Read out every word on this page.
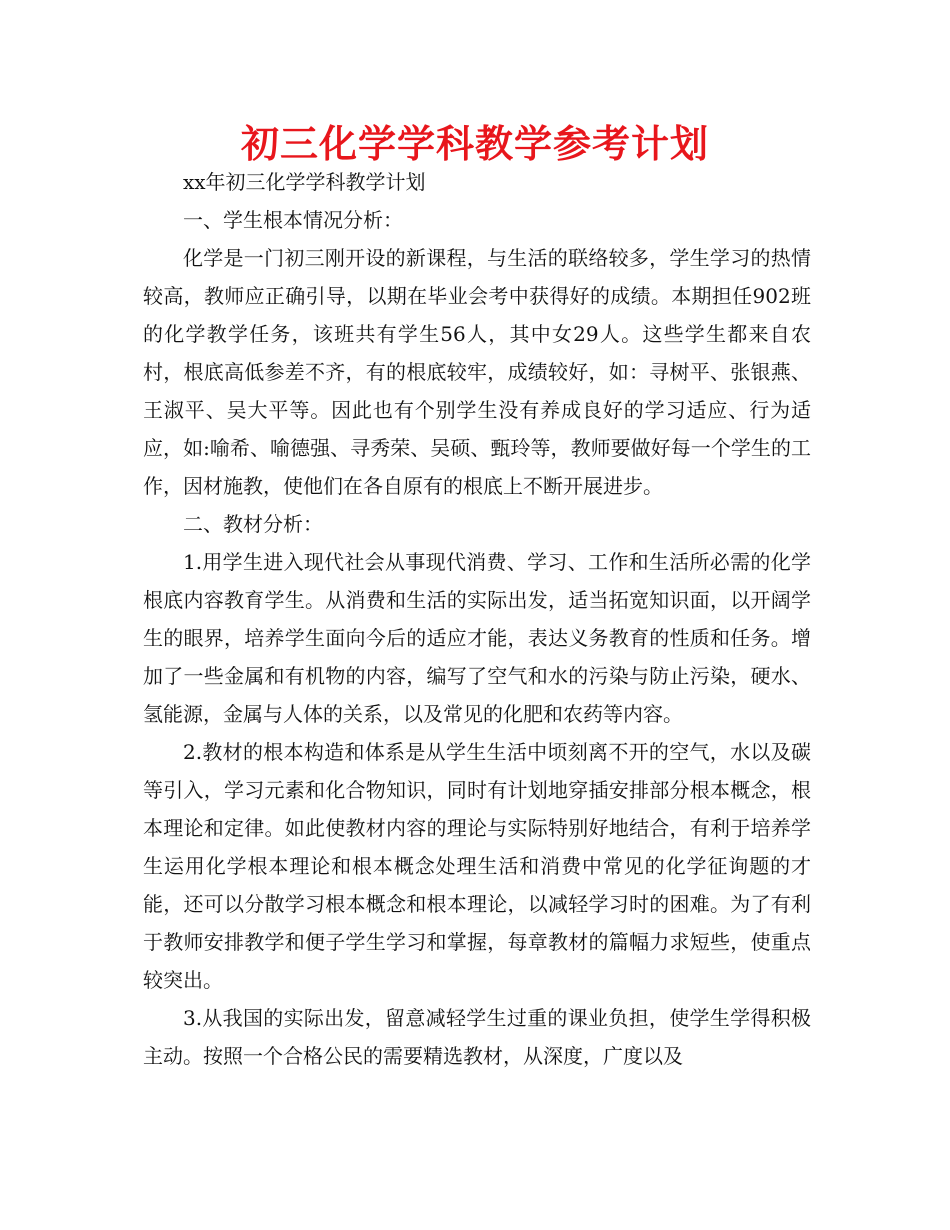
初三化学学科教学参考计划

xx年初三化学学科教学计划

一、学生根本情况分析：

化学是一门初三刚开设的新课程，与生活的联络较多，学生学习的热情较高，教师应正确引导，以期在毕业会考中获得好的成绩。本期担任902班的化学教学任务，该班共有学生56人，其中女29人。这些学生都来自农村，根底高低参差不齐，有的根底较牢，成绩较好，如：寻树平、张银燕、王淑平、吴大平等。因此也有个别学生没有养成良好的学习适应、行为适应，如:喻希、喻德强、寻秀荣、吴硕、甄玲等，教师要做好每一个学生的工作，因材施教，使他们在各自原有的根底上不断开展进步。

二、教材分析：

1.用学生进入现代社会从事现代消费、学习、工作和生活所必需的化学根底内容教育学生。从消费和生活的实际出发，适当拓宽知识面，以开阔学 生的眼界，培养学生面向今后的适应才能，表达义务教育的性质和任务。增加了一些金属和有机物的内容，编写了空气和水的污染与防止污染，硬水、氢能源，金属与人体的关系，以及常见的化肥和农药等内容。

2.教材的根本构造和体系是从学生生活中顷刻离不开的空气，水以及碳等引入，学习元素和化合物知识，同时有计划地穿插安排部分根本概念，根本理论和定律。如此使教材内容的理论与实际特别好地结合，有利于培养学生运用化学根本理论和根本概念处理生活和消费中常见的化学征询题的才能，还可以分散学习根本概念和根本理论，以减轻学习时的困难。为了有利于教师安排教学和便子学生学习和掌握，每章教材的篇幅力求短些，使重点较突出。

3.从我国的实际出发，留意减轻学生过重的课业负担，使学生学得积极主动。按照一个合格公民的需要精选教材，从深度，广度以及
